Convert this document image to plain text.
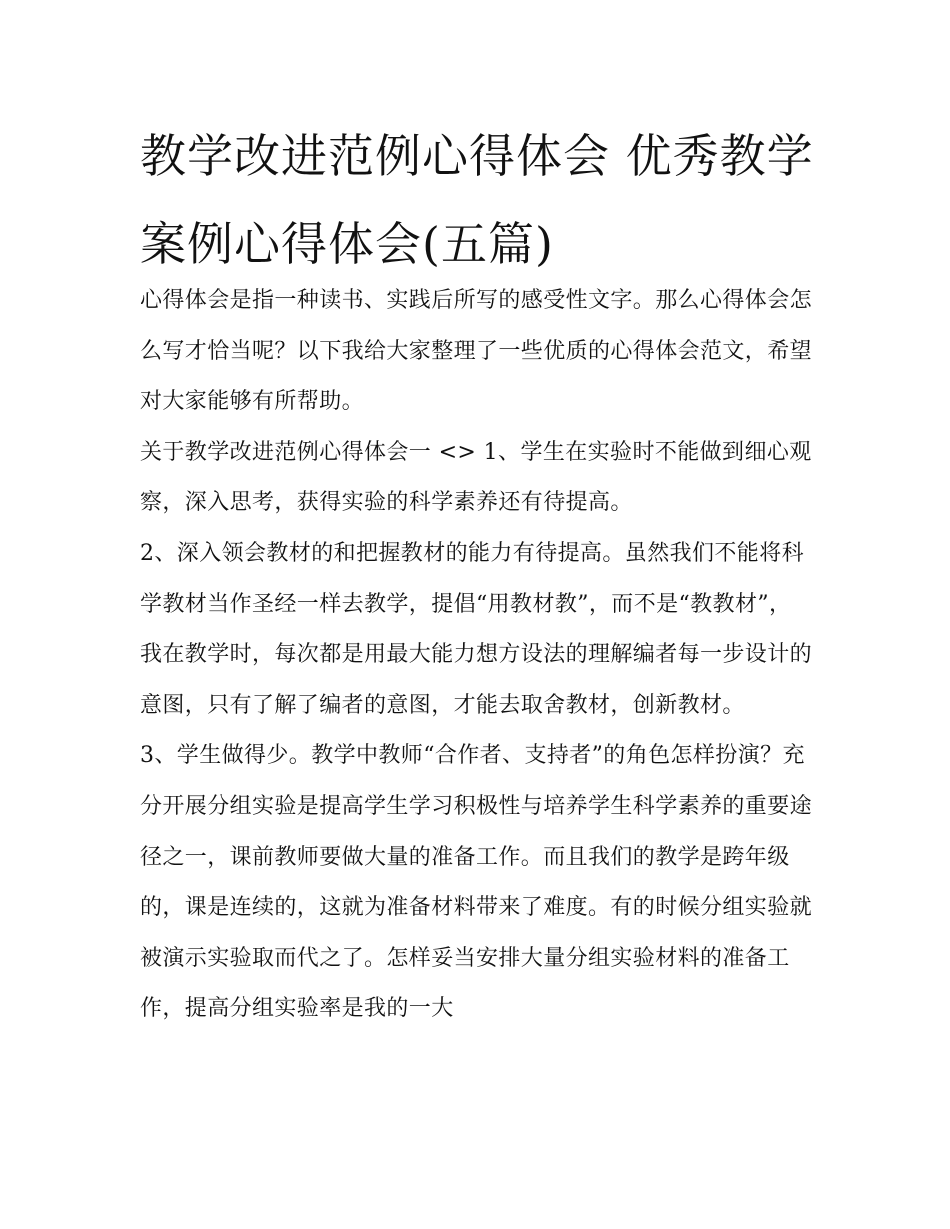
教学改进范例心得体会 优秀教学案例心得体会(五篇)

心得体会是指一种读书、实践后所写的感受性文字。那么心得体会怎么写才恰当呢？以下我给大家整理了一些优质的心得体会范文，希望对大家能够有所帮助。

关于教学改进范例心得体会一 <> 1、学生在实验时不能做到细心观察，深入思考，获得实验的科学素养还有待提高。

2、深入领会教材的和把握教材的能力有待提高。虽然我们不能将科学教材当作圣经一样去教学，提倡“用教材教”，而不是“教教材”，我在教学时，每次都是用最大能力想方设法的理解编者每一步设计的意图，只有了解了编者的意图，才能去取舍教材，创新教材。

3、学生做得少。教学中教师“合作者、支持者”的角色怎样扮演？充分开展分组实验是提高学生学习积极性与培养学生科学素养的重要途径之一，课前教师要做大量的准备工作。而且我们的教学是跨年级的，课是连续的，这就为准备材料带来了难度。有的时候分组实验就被演示实验取而代之了。怎样妥当安排大量分组实验材料的准备工作，提高分组实验率是我的一大
